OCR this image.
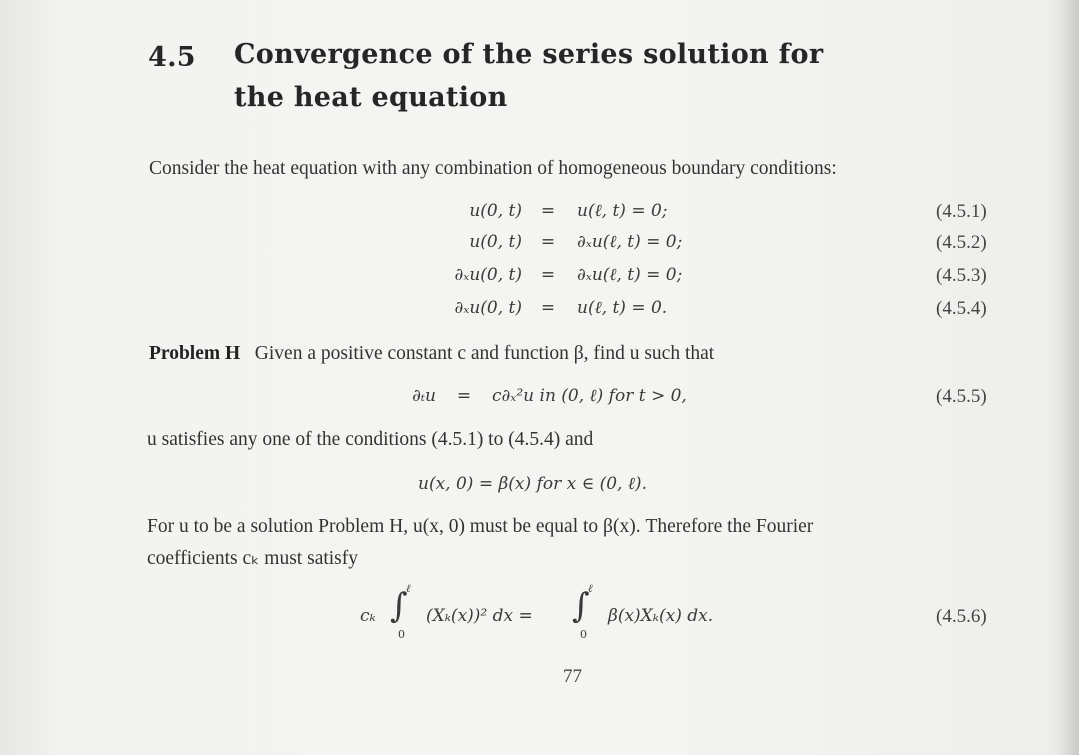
4.5 Convergence of the series solution for the heat equation
Consider the heat equation with any combination of homogeneous boundary conditions:
u(0, t)	=	u(ℓ, t) = 0;	(4.5.1)
u(0, t)	=	∂ₓu(ℓ, t) = 0;	(4.5.2)
∂ₓu(0, t)	=	∂ₓu(ℓ, t) = 0;	(4.5.3)
∂ₓu(0, t)	=	u(ℓ, t) = 0.	(4.5.4)
Problem H Given a positive constant c and function β, find u such that
∂ₜu	=	c∂ₓ²u in (0, ℓ) for t > 0,	(4.5.5)
u satisfies any one of the conditions (4.5.1) to (4.5.4) and
u(x, 0) = β(x) for x ∈ (0, ℓ).
For u to be a solution Problem H, u(x, 0) must be equal to β(x). Therefore the Fourier
coefficients cₖ must satisfy
cₖ ∫
ℓ
0
(Xₖ(x))² dx = ∫
ℓ
0
β(x)Xₖ(x) dx.	(4.5.6)
77
